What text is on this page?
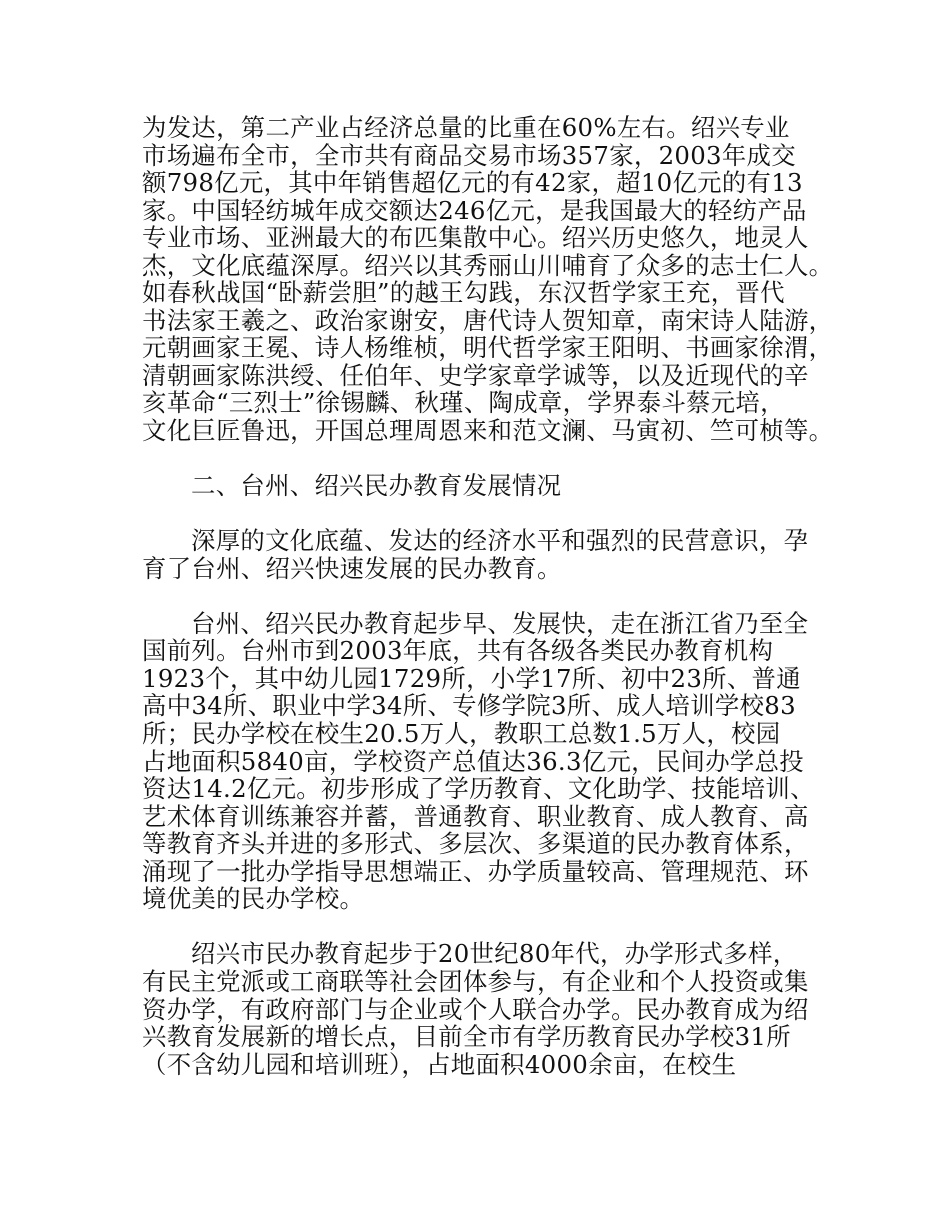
为发达，第二产业占经济总量的比重在60%左右。绍兴专业
市场遍布全市，全市共有商品交易市场357家，2003年成交
额798亿元，其中年销售超亿元的有42家，超10亿元的有13
家。中国轻纺城年成交额达246亿元，是我国最大的轻纺产品
专业市场、亚洲最大的布匹集散中心。绍兴历史悠久，地灵人
杰，文化底蕴深厚。绍兴以其秀丽山川哺育了众多的志士仁人。
如春秋战国“卧薪尝胆”的越王勾践，东汉哲学家王充，晋代
书法家王羲之、政治家谢安，唐代诗人贺知章，南宋诗人陆游，
元朝画家王冕、诗人杨维桢，明代哲学家王阳明、书画家徐渭，
清朝画家陈洪绶、任伯年、史学家章学诚等，以及近现代的辛
亥革命“三烈士”徐锡麟、秋瑾、陶成章，学界泰斗蔡元培，
文化巨匠鲁迅，开国总理周恩来和范文澜、马寅初、竺可桢等。
二、台州、绍兴民办教育发展情况
深厚的文化底蕴、发达的经济水平和强烈的民营意识，孕
育了台州、绍兴快速发展的民办教育。
台州、绍兴民办教育起步早、发展快，走在浙江省乃至全
国前列。台州市到2003年底，共有各级各类民办教育机构
1923个，其中幼儿园1729所，小学17所、初中23所、普通
高中34所、职业中学34所、专修学院3所、成人培训学校83
所；民办学校在校生20.5万人，教职工总数1.5万人，校园
占地面积5840亩，学校资产总值达36.3亿元，民间办学总投
资达14.2亿元。初步形成了学历教育、文化助学、技能培训、
艺术体育训练兼容并蓄，普通教育、职业教育、成人教育、高
等教育齐头并进的多形式、多层次、多渠道的民办教育体系，
涌现了一批办学指导思想端正、办学质量较高、管理规范、环
境优美的民办学校。
绍兴市民办教育起步于20世纪80年代，办学形式多样，
有民主党派或工商联等社会团体参与，有企业和个人投资或集
资办学，有政府部门与企业或个人联合办学。民办教育成为绍
兴教育发展新的增长点，目前全市有学历教育民办学校31所
（不含幼儿园和培训班），占地面积4000余亩，在校生
